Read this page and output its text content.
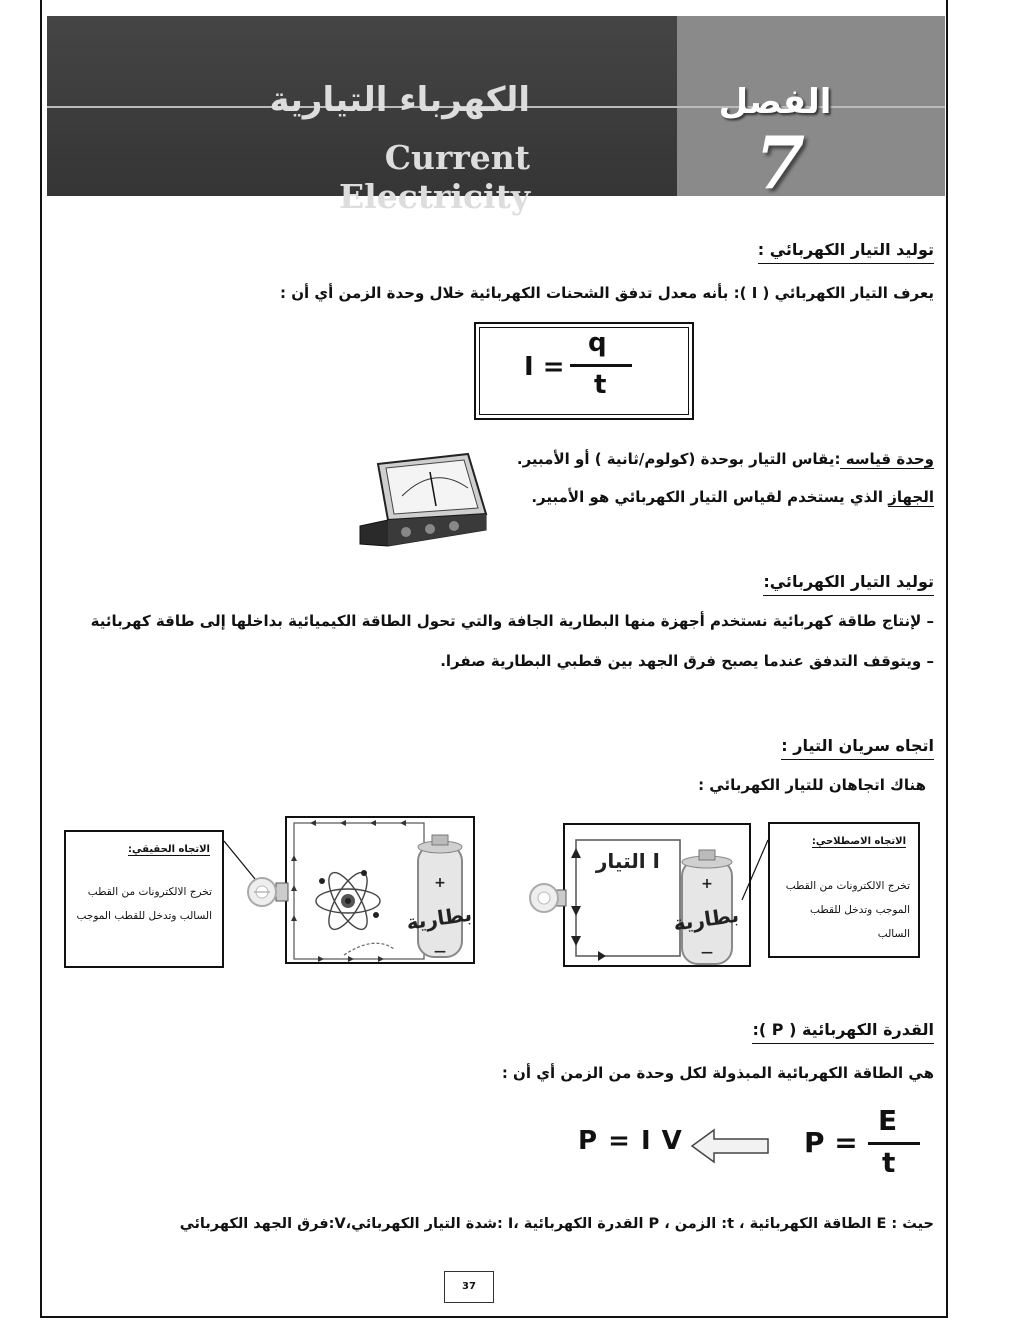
الكهرباء التيارية
Current Electricity
الفصل
7
توليد التيار الكهربائي :
يعرف التيار الكهربائي ( I ): بأنه معدل تدفق الشحنات الكهربائية خلال وحدة الزمن أي أن :
I =
q
t
وحدة قياسه :يقاس التيار بوحدة (كولوم/ثانية ) أو الأمبير.
الجهاز الذي يستخدم لقياس التيار الكهربائي هو الأمبير.
توليد التيار الكهربائي:
– لإنتاج طاقة كهربائية نستخدم أجهزة منها البطارية الجافة والتي تحول الطاقة الكيميائية بداخلها إلى طاقة كهربائية
– ويتوقف التدفق عندما يصبح فرق الجهد بين قطبي البطارية صفرا.
اتجاه سريان التيار :
هناك اتجاهان للتيار الكهربائي :
الاتجاه الحقيقي:
تخرج الالكترونات من القطب
السالب وتدخل للقطب الموجب
+
بطارية
—
التيار I
+
بطارية
—
الاتجاه الاصطلاحي:
تخرج الالكترونات من القطب
الموجب وتدخل للقطب
السالب
القدرة الكهربائية ( P ):
هي الطاقة الكهربائية المبذولة لكل وحدة من الزمن أي أن :
P = I V	P =
E
t
حيث : E الطاقة الكهربائية ، t: الزمن ، P القدرة الكهربائية ،I :شدة التيار الكهربائي،V:فرق الجهد الكهربائي
37
